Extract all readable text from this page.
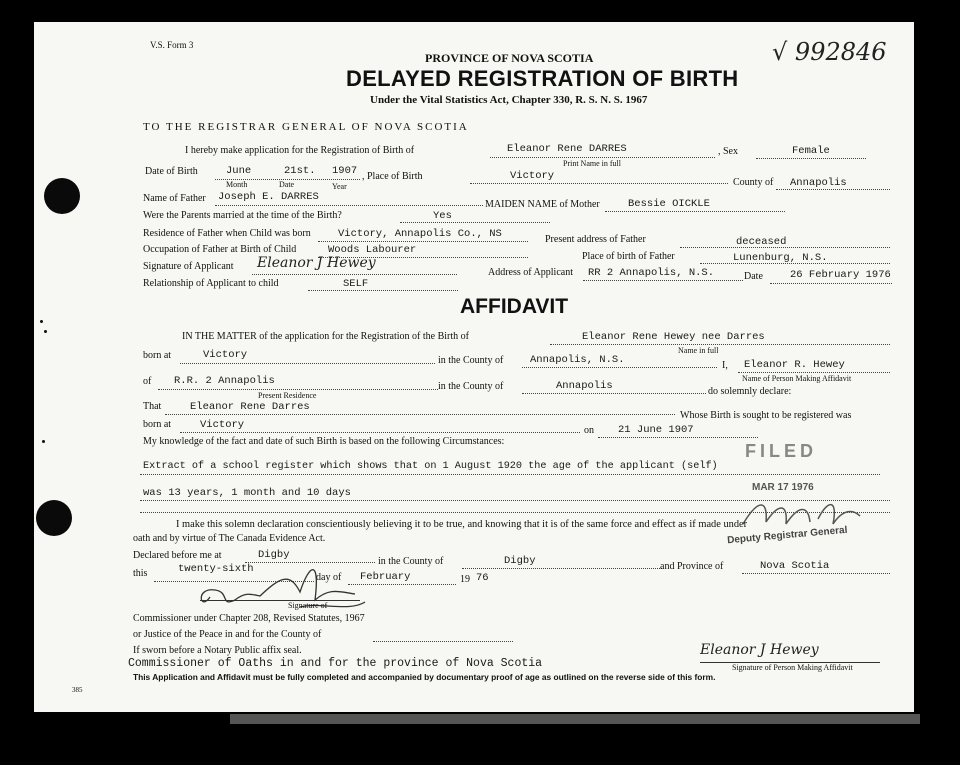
V.S. Form 3
PROVINCE OF NOVA SCOTIA
DELAYED REGISTRATION OF BIRTH
Under the Vital Statistics Act, Chapter 330, R. S. N. S. 1967
√ 992846
TO THE REGISTRAR GENERAL OF NOVA SCOTIA
I hereby make application for the Registration of Birth of	Eleanor Rene DARRES
Print Name in full
, Sex	Female
Date of Birth	June	21st. 1907
Month	Date	Year
, Place of Birth	Victory
County of Annapolis
Name of Father Joseph E. DARRES
MAIDEN NAME of Mother	Bessie OICKLE
Were the Parents married at the time of the Birth?	Yes
Residence of Father when Child was born	Victory, Annapolis Co., NS	Present address of Father	deceased
Occupation of Father at Birth of Child	Woods Labourer
Place of birth of Father	Lunenburg, N.S.
Signature of Applicant Eleanor J Hewey
Address of Applicant RR 2 Annapolis, N.S.	Date	26 February 1976
Relationship of Applicant to child	SELF
AFFIDAVIT
IN THE MATTER of the application for the Registration of the Birth of	Eleanor Rene Hewey nee Darres
Name in full
born at	Victory	in the County of	Annapolis, N.S.	I, Eleanor R. Hewey
Name of Person Making Affidavit
of R.R. 2 Annapolis
Present Residence
in the County of	Annapolis	do solemnly declare:
That	Eleanor Rene Darres
Whose Birth is sought to be registered was
born at	Victory	on 21 June 1907
My knowledge of the fact and date of such Birth is based on the following Circumstances:
Extract of a school register which shows that on 1 August 1920 the age of the applicant (self)
was 13 years, 1 month and 10 days
FILED
MAR 17 1976
Deputy Registrar General
I make this solemn declaration conscientiously believing it to be true, and knowing that it is of the same force and effect as if made under
oath and by virtue of The Canada Evidence Act.
Declared before me at	Digby
in the County of	Digby	and Province of	Nova Scotia
this	twenty-sixth
day of February	19 76
Signature of
Commissioner under Chapter 208, Revised Statutes, 1967
or Justice of the Peace in and for the County of
If sworn before a Notary Public affix seal.
Commissioner of Oaths in and for the province of Nova Scotia
Eleanor J Hewey
Signature of Person Making Affidavit
385
This Application and Affidavit must be fully completed and accompanied by documentary proof of age as outlined on the reverse side of this form.
